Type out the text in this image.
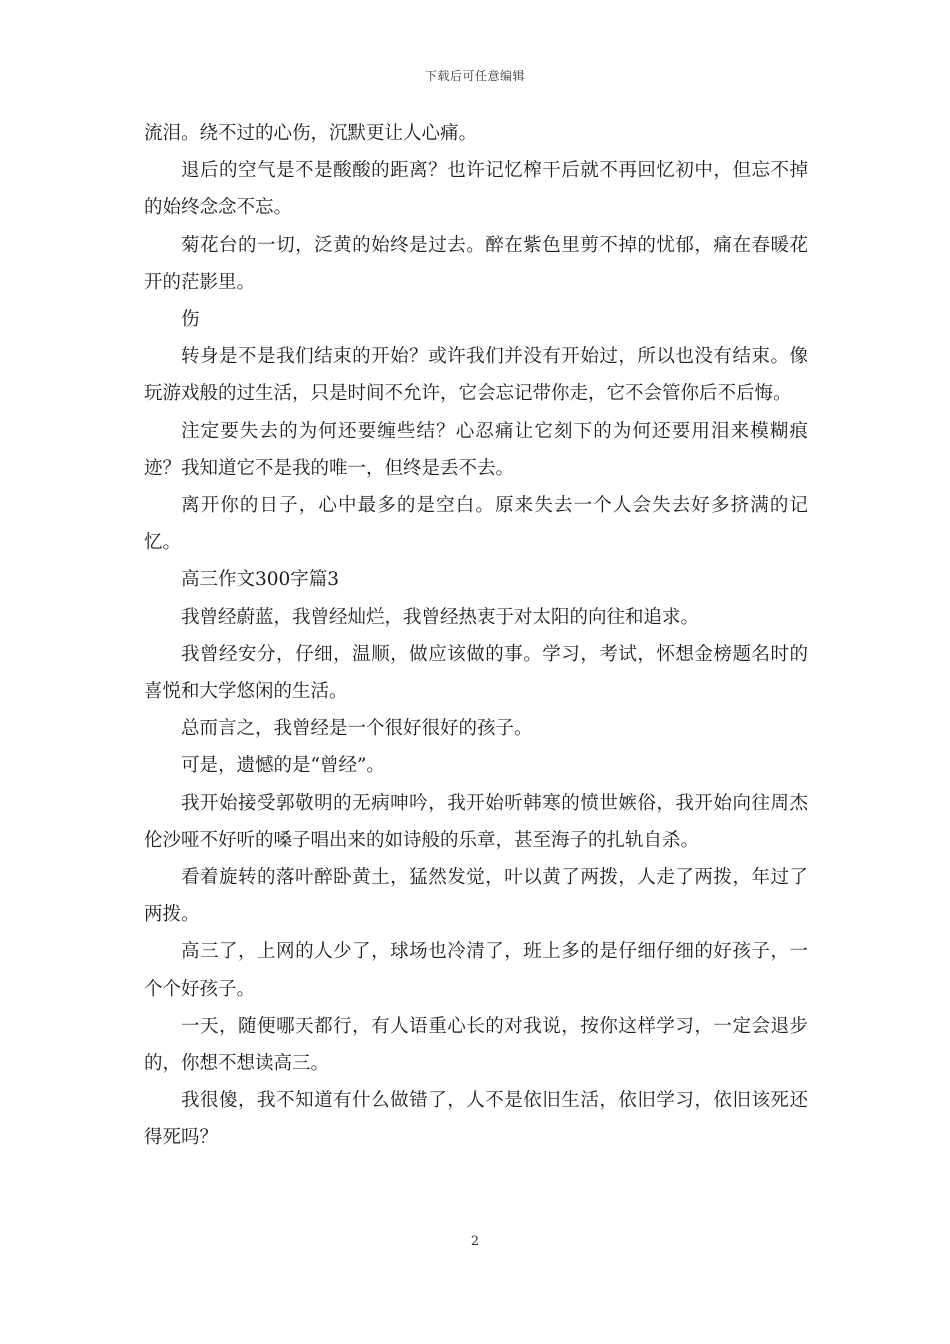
下载后可任意编辑

流泪。绕不过的心伤，沉默更让人心痛。

退后的空气是不是酸酸的距离？也许记忆榨干后就不再回忆初中，但忘不掉的始终念念不忘。

菊花台的一切，泛黄的始终是过去。醉在紫色里剪不掉的忧郁，痛在春暖花开的茫影里。

伤

转身是不是我们结束的开始？或许我们并没有开始过，所以也没有结束。像玩游戏般的过生活，只是时间不允许，它会忘记带你走，它不会管你后不后悔。

注定要失去的为何还要缠些结？心忍痛让它刻下的为何还要用泪来模糊痕迹？我知道它不是我的唯一，但终是丢不去。

离开你的日子，心中最多的是空白。原来失去一个人会失去好多挤满的记忆。

高三作文300字篇3

我曾经蔚蓝，我曾经灿烂，我曾经热衷于对太阳的向往和追求。

我曾经安分，仔细，温顺，做应该做的事。学习，考试，怀想金榜题名时的喜悦和大学悠闲的生活。

总而言之，我曾经是一个很好很好的孩子。

可是，遗憾的是“曾经”。

我开始接受郭敬明的无病呻吟，我开始听韩寒的愤世嫉俗，我开始向往周杰伦沙哑不好听的嗓子唱出来的如诗般的乐章，甚至海子的扎轨自杀。

看着旋转的落叶醉卧黄土，猛然发觉，叶以黄了两拨，人走了两拨，年过了两拨。

高三了，上网的人少了，球场也冷清了，班上多的是仔细仔细的好孩子，一个个好孩子。

一天，随便哪天都行，有人语重心长的对我说，按你这样学习，一定会退步的，你想不想读高三。

我很傻，我不知道有什么做错了，人不是依旧生活，依旧学习，依旧该死还得死吗？

2
